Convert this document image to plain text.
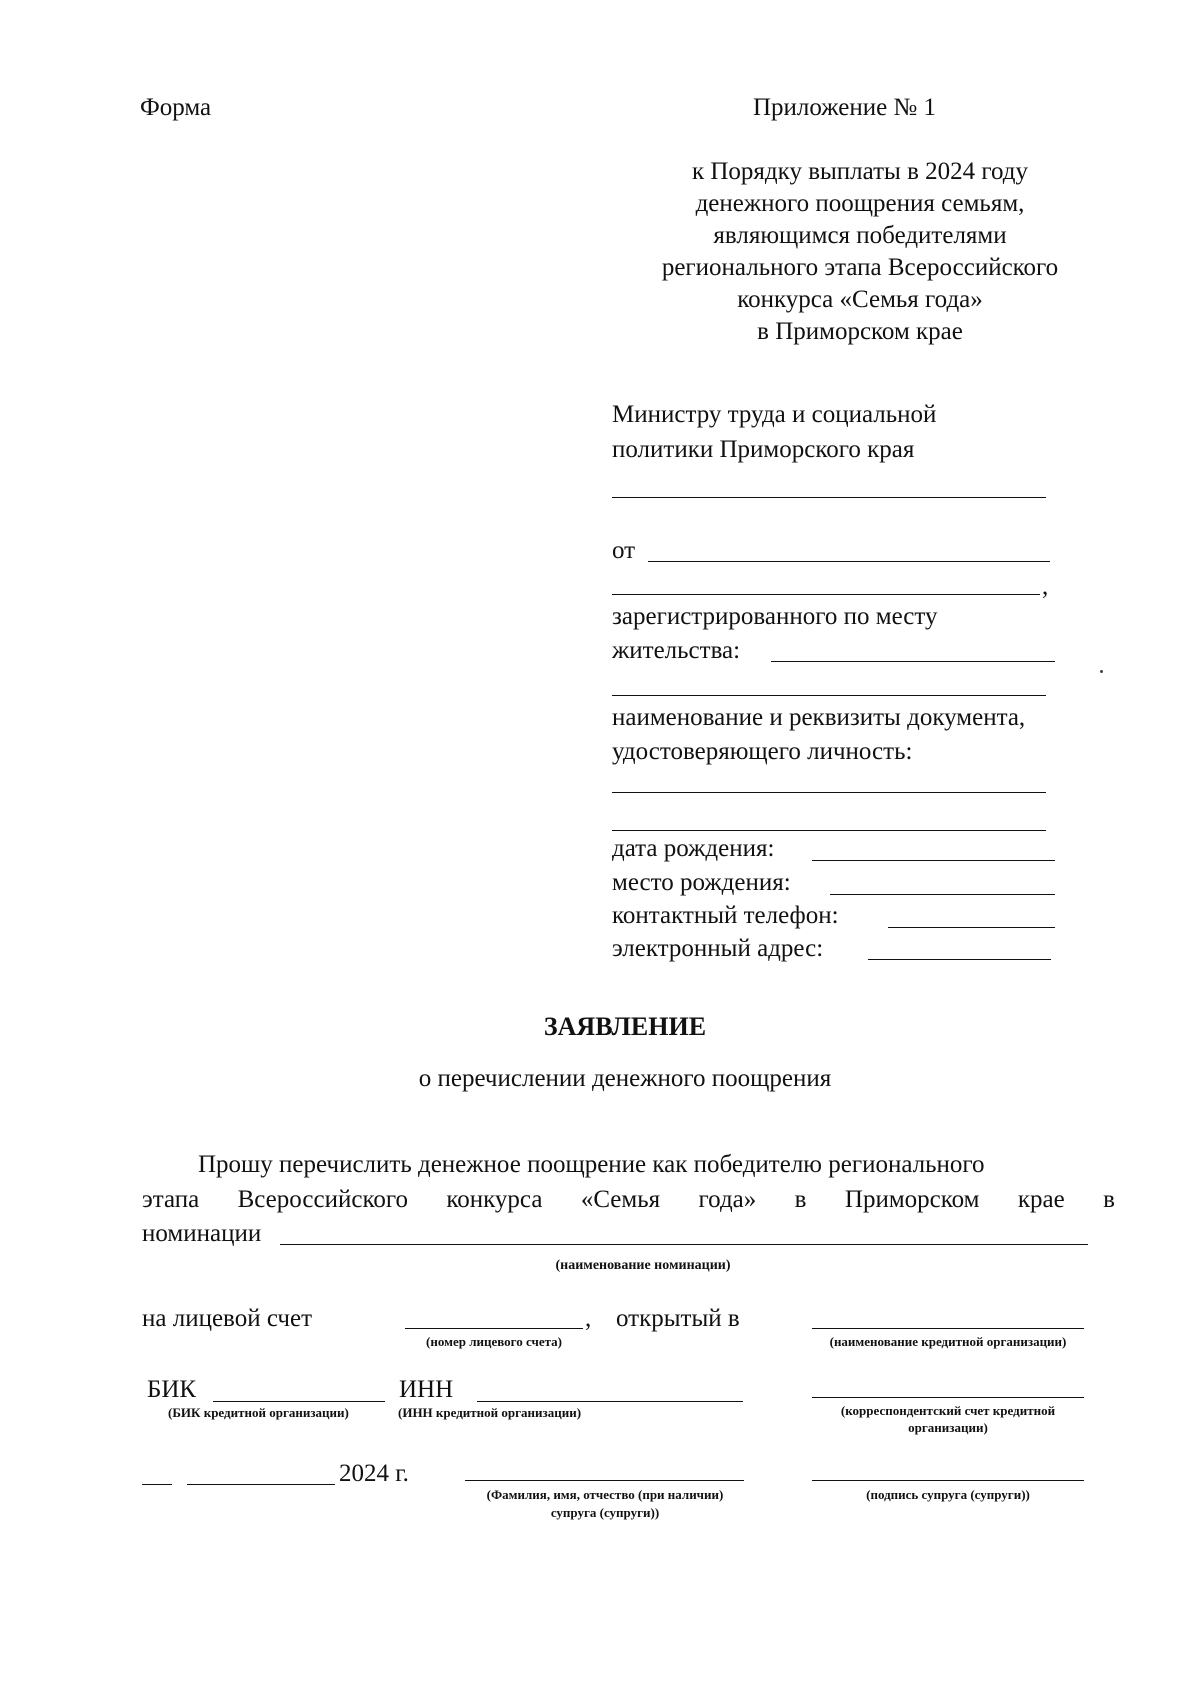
Форма	Приложение № 1
к Порядку выплаты в 2024 году
денежного поощрения семьям,
являющимся победителями
регионального этапа Всероссийского
конкурса «Семья года»
в Приморском крае
Министру труда и социальной
политики Приморского края
от
,
зарегистрированного по месту
жительства:
наименование и реквизиты документа,
удостоверяющего личность:
дата рождения:
место рождения:
контактный телефон:
электронный адрес:
ЗАЯВЛЕНИЕ
о перечислении денежного поощрения
Прошу перечислить денежное поощрение как победителю регионального
этапа Всероссийского конкурса «Семья года» в Приморском крае в
номинации
(наименование номинации)
на лицевой счет	, открытый в
(номер лицевого счета)	(наименование кредитной организации)
БИК	ИНН
(БИК кредитной организации)	(ИНН кредитной организации)	(корреспондентский счет кредитной
организации)
2024 г.
(Фамилия, имя, отчество (при наличии)
супруга (супруги))
(подпись супруга (супруги))
